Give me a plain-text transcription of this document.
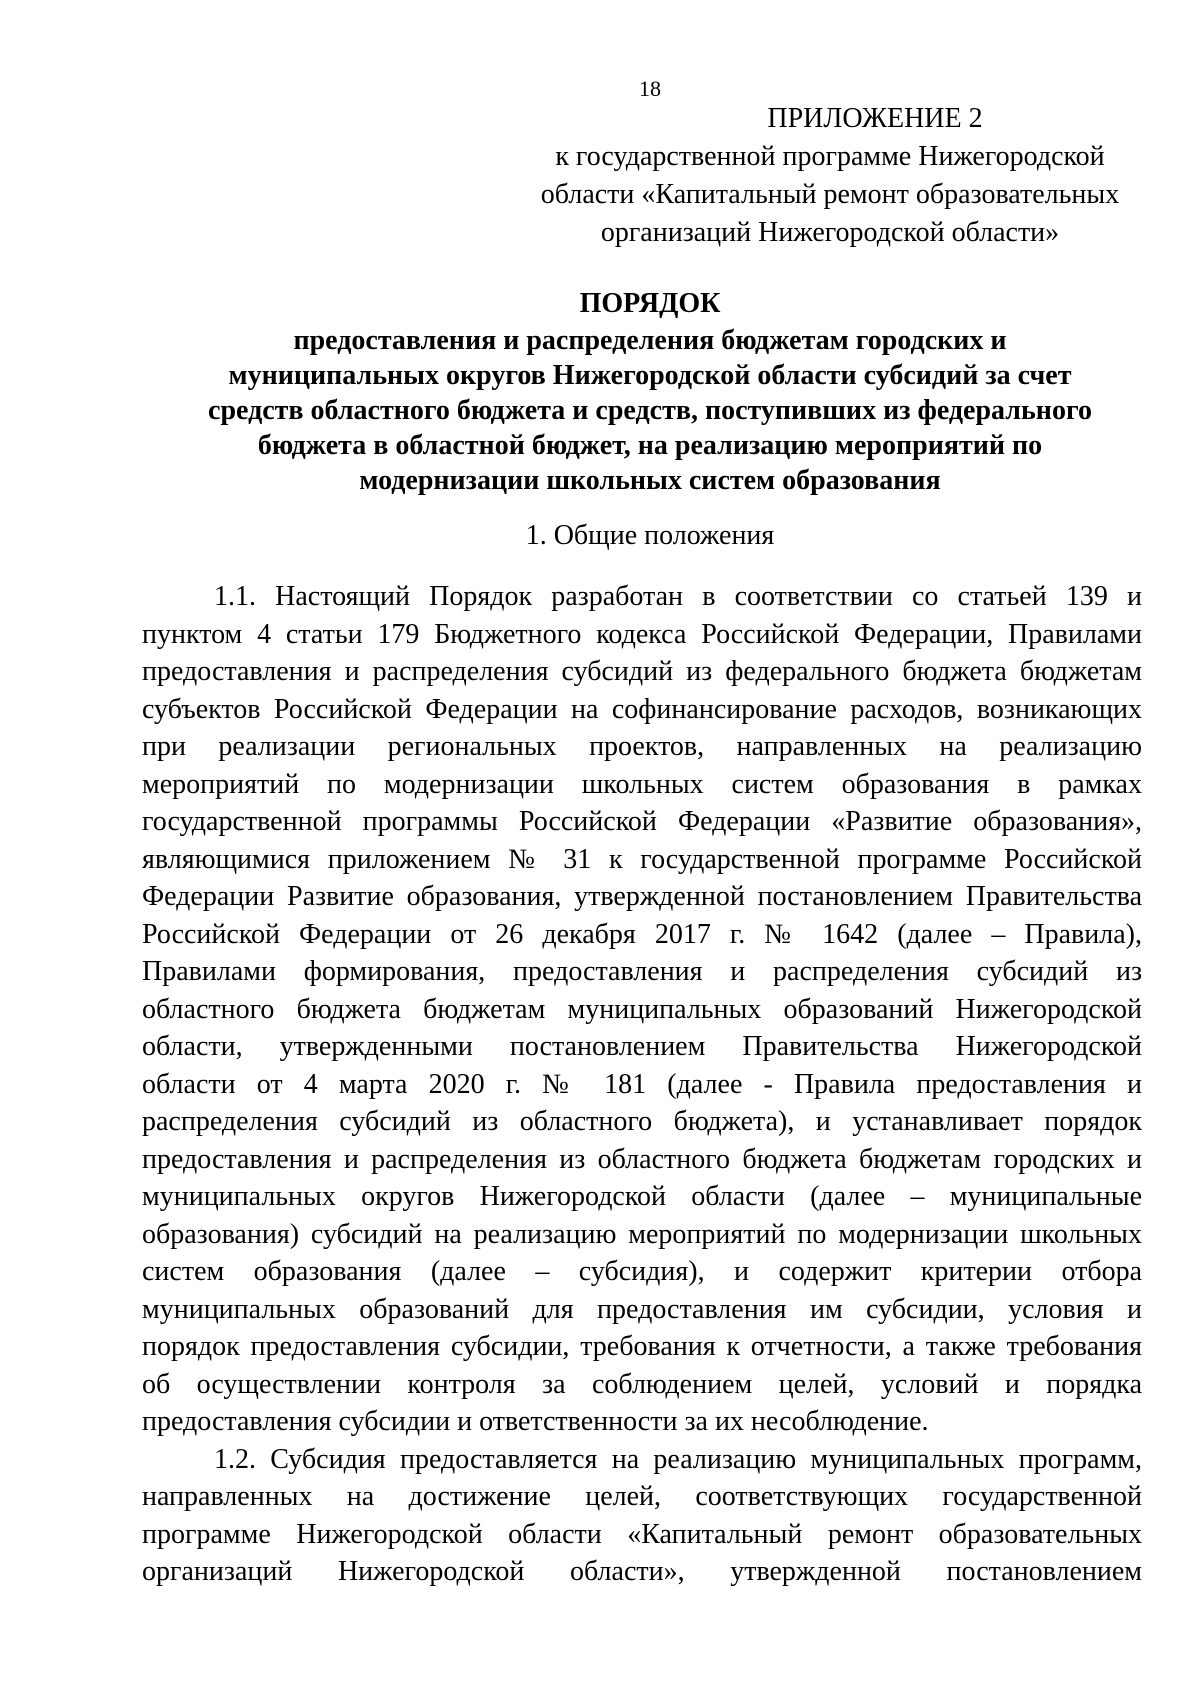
18
ПРИЛОЖЕНИЕ 2
к государственной программе Нижегородской
области «Капитальный ремонт образовательных
организаций Нижегородской области»
ПОРЯДОК
предоставления и распределения бюджетам городских и
муниципальных округов Нижегородской области субсидий за счет
средств областного бюджета и средств, поступивших из федерального
бюджета в областной бюджет, на реализацию мероприятий по
модернизации школьных систем образования
1. Общие положения
1.1. Настоящий Порядок разработан в соответствии со статьей 139 и
пунктом 4 статьи 179 Бюджетного кодекса Российской Федерации, Правилами
предоставления и распределения субсидий из федерального бюджета бюджетам
субъектов Российской Федерации на софинансирование расходов, возникающих
при реализации региональных проектов, направленных на реализацию
мероприятий по модернизации школьных систем образования в рамках
государственной программы Российской Федерации «Развитие образования»,
являющимися приложением № 31 к государственной программе Российской
Федерации Развитие образования, утвержденной постановлением Правительства
Российской Федерации от 26 декабря 2017 г. № 1642 (далее – Правила),
Правилами формирования, предоставления и распределения субсидий из
областного бюджета бюджетам муниципальных образований Нижегородской
области, утвержденными постановлением Правительства Нижегородской
области от 4 марта 2020 г. № 181 (далее - Правила предоставления и
распределения субсидий из областного бюджета), и устанавливает порядок
предоставления и распределения из областного бюджета бюджетам городских и
муниципальных округов Нижегородской области (далее – муниципальные
образования) субсидий на реализацию мероприятий по модернизации школьных
систем образования (далее – субсидия), и содержит критерии отбора
муниципальных образований для предоставления им субсидии, условия и
порядок предоставления субсидии, требования к отчетности, а также требования
об осуществлении контроля за соблюдением целей, условий и порядка
предоставления субсидии и ответственности за их несоблюдение.
1.2. Субсидия предоставляется на реализацию муниципальных программ,
направленных на достижение целей, соответствующих государственной
программе Нижегородской области «Капитальный ремонт образовательных
организаций Нижегородской области», утвержденной постановлением
